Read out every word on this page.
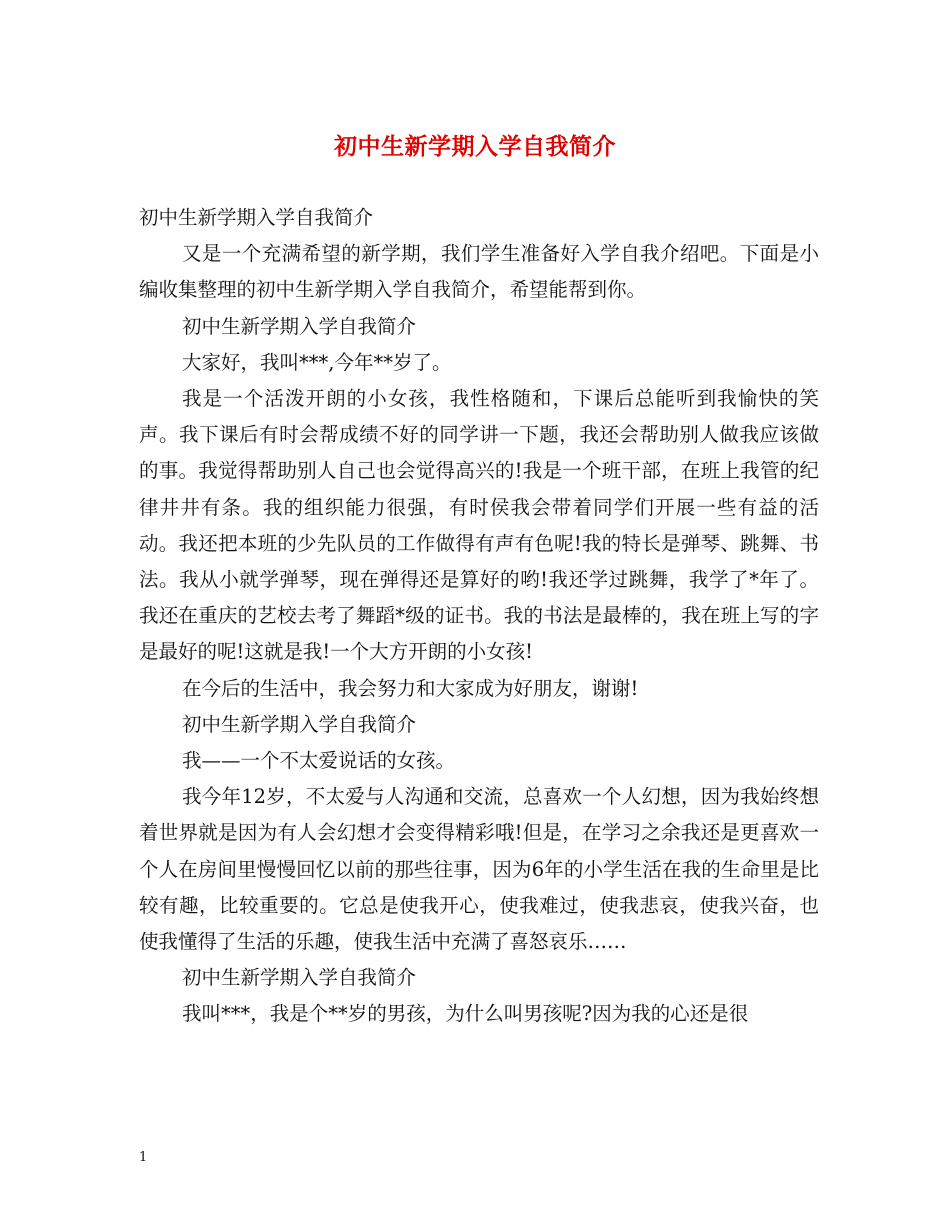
初中生新学期入学自我简介

初中生新学期入学自我简介

又是一个充满希望的新学期，我们学生准备好入学自我介绍吧。下面是小编收集整理的初中生新学期入学自我简介，希望能帮到你。

初中生新学期入学自我简介

大家好，我叫***,今年**岁了。

我是一个活泼开朗的小女孩，我性格随和，下课后总能听到我愉快的笑声。我下课后有时会帮成绩不好的同学讲一下题，我还会帮助别人做我应该做的事。我觉得帮助别人自己也会觉得高兴的!我是一个班干部，在班上我管的纪律井井有条。我的组织能力很强，有时侯我会带着同学们开展一些有益的活动。我还把本班的少先队员的工作做得有声有色呢!我的特长是弹琴、跳舞、书法。我从小就学弹琴，现在弹得还是算好的哟!我还学过跳舞，我学了*年了。我还在重庆的艺校去考了舞蹈*级的证书。我的书法是最棒的，我在班上写的字是最好的呢!这就是我!一个大方开朗的小女孩!

在今后的生活中，我会努力和大家成为好朋友，谢谢!

初中生新学期入学自我简介

我——一个不太爱说话的女孩。

我今年12岁，不太爱与人沟通和交流，总喜欢一个人幻想，因为我始终想着世界就是因为有人会幻想才会变得精彩哦!但是，在学习之余我还是更喜欢一个人在房间里慢慢回忆以前的那些往事，因为6年的小学生活在我的生命里是比较有趣，比较重要的。它总是使我开心，使我难过，使我悲哀，使我兴奋，也使我懂得了生活的乐趣，使我生活中充满了喜怒哀乐……

初中生新学期入学自我简介

我叫***，我是个**岁的男孩，为什么叫男孩呢?因为我的心还是很

1
